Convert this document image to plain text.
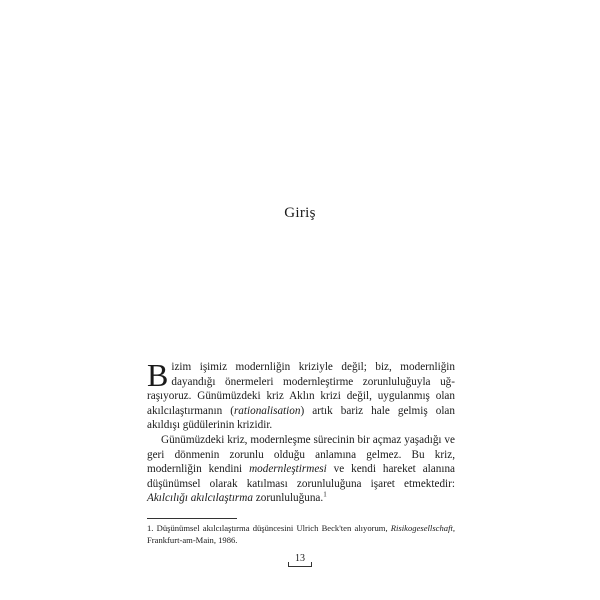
Giriş

Bizim işimiz modernliğin kriziyle değil; biz, modernliğin dayandığı önermeleri modernleştirme zorunluluğuyla uğraşıyoruz. Günümüzdeki kriz Aklın krizi değil, uygulanmış olan akılcılaştırmanın (rationalisation) artık bariz hale gelmiş olan akıldışı güdülerinin krizidir.

Günümüzdeki kriz, modernleşme sürecinin bir açmaz yaşadığı ve geri dönmenin zorunlu olduğu anlamına gelmez. Bu kriz, modernliğin kendini modernleştirmesi ve kendi hareket alanına düşünümsel olarak katılması zorunluluğuna işaret etmektedir: Akılcılığı akılcılaştırma zorunluluğuna.$^1$

1. Düşünümsel akılcılaştırma düşüncesini Ulrich Beck'ten alıyorum, Risikogesellschaft, Frankfurt-am-Main, 1986.
13
